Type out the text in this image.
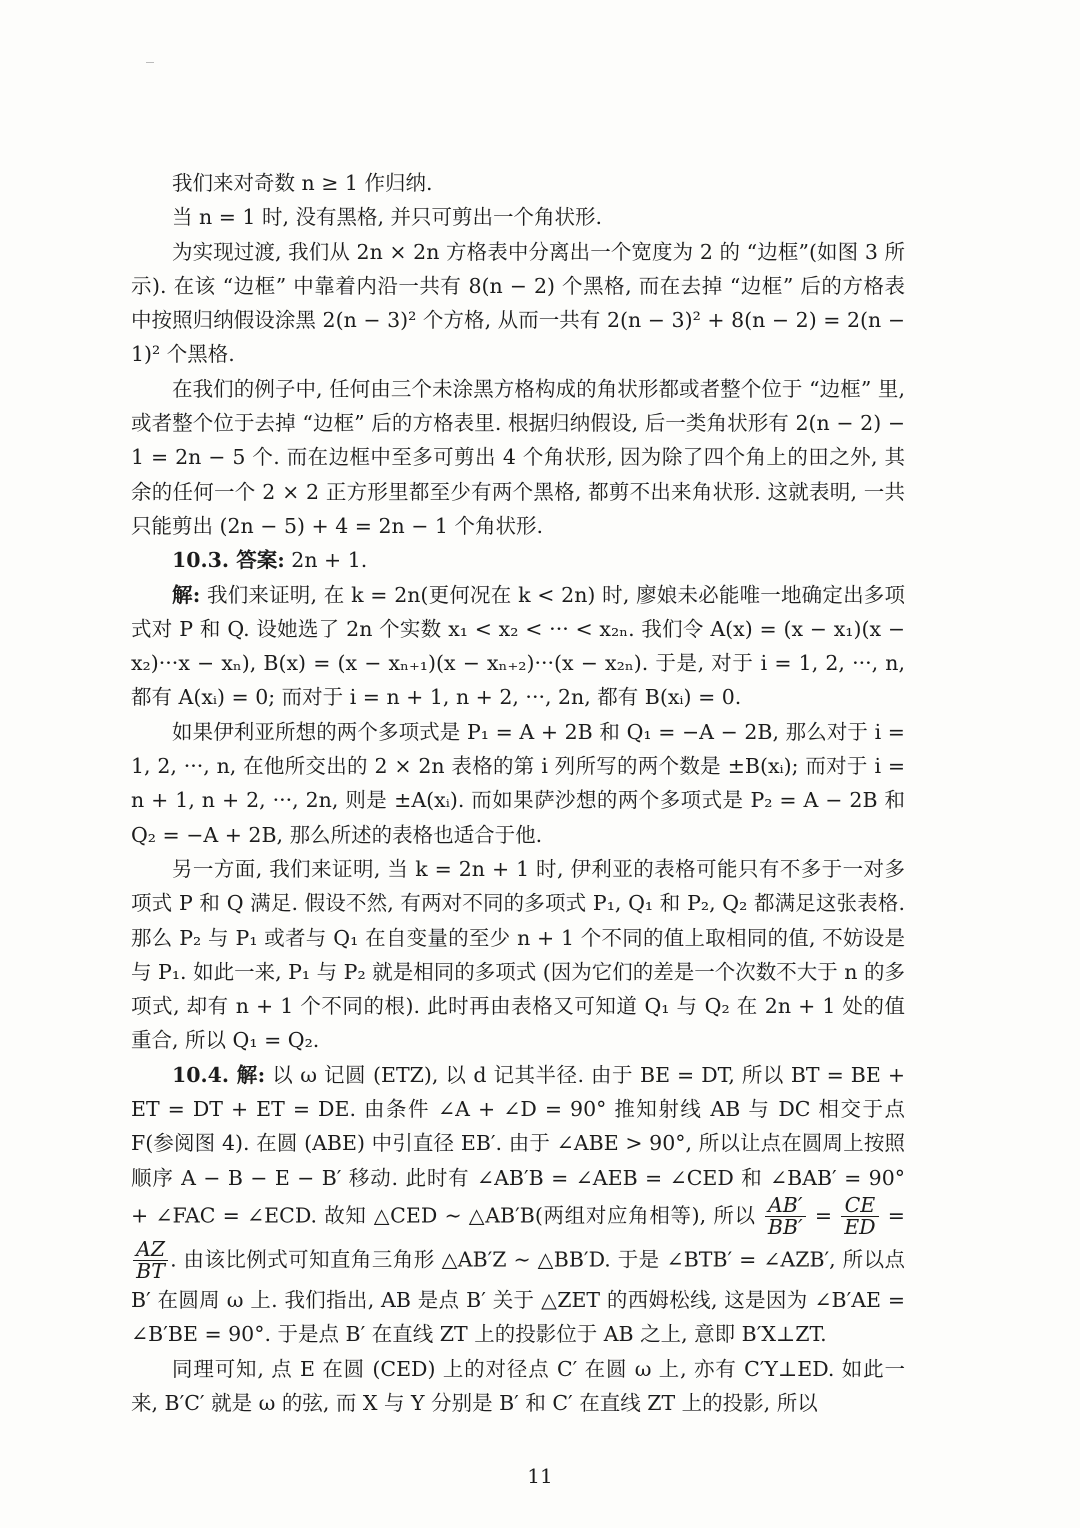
我们来对奇数 n ≥ 1 作归纳.

当 n = 1 时, 没有黑格, 并只可剪出一个角状形.

为实现过渡, 我们从 2n × 2n 方格表中分离出一个宽度为 2 的 “边框”(如图 3 所示). 在该 “边框” 中靠着内沿一共有 8(n − 2) 个黑格, 而在去掉 “边框” 后的方格表中按照归纳假设涂黑 2(n − 3)² 个方格, 从而一共有 2(n − 3)² + 8(n − 2) = 2(n − 1)² 个黑格.

在我们的例子中, 任何由三个未涂黑方格构成的角状形都或者整个位于 “边框” 里, 或者整个位于去掉 “边框” 后的方格表里. 根据归纳假设, 后一类角状形有 2(n − 2) − 1 = 2n − 5 个. 而在边框中至多可剪出 4 个角状形, 因为除了四个角上的田之外, 其余的任何一个 2 × 2 正方形里都至少有两个黑格, 都剪不出来角状形. 这就表明, 一共只能剪出 (2n − 5) + 4 = 2n − 1 个角状形.

10.3. 答案: 2n + 1.

解: 我们来证明, 在 k = 2n(更何况在 k < 2n) 时, 廖娘未必能唯一地确定出多项式对 P 和 Q. 设她选了 2n 个实数 x₁ < x₂ < ··· < x₂ₙ. 我们令 A(x) = (x − x₁)(x − x₂)···x − xₙ), B(x) = (x − xₙ₊₁)(x − xₙ₊₂)···(x − x₂ₙ). 于是, 对于 i = 1, 2, ···, n, 都有 A(xᵢ) = 0; 而对于 i = n + 1, n + 2, ···, 2n, 都有 B(xᵢ) = 0.

如果伊利亚所想的两个多项式是 P₁ = A + 2B 和 Q₁ = −A − 2B, 那么对于 i = 1, 2, ···, n, 在他所交出的 2 × 2n 表格的第 i 列所写的两个数是 ±B(xᵢ); 而对于 i = n + 1, n + 2, ···, 2n, 则是 ±A(xᵢ). 而如果萨沙想的两个多项式是 P₂ = A − 2B 和 Q₂ = −A + 2B, 那么所述的表格也适合于他.

另一方面, 我们来证明, 当 k = 2n + 1 时, 伊利亚的表格可能只有不多于一对多项式 P 和 Q 满足. 假设不然, 有两对不同的多项式 P₁, Q₁ 和 P₂, Q₂ 都满足这张表格. 那么 P₂ 与 P₁ 或者与 Q₁ 在自变量的至少 n + 1 个不同的值上取相同的值, 不妨设是与 P₁. 如此一来, P₁ 与 P₂ 就是相同的多项式 (因为它们的差是一个次数不大于 n 的多项式, 却有 n + 1 个不同的根). 此时再由表格又可知道 Q₁ 与 Q₂ 在 2n + 1 处的值重合, 所以 Q₁ = Q₂.

10.4. 解: 以 ω 记圆 (ETZ), 以 d 记其半径. 由于 BE = DT, 所以 BT = BE + ET = DT + ET = DE. 由条件 ∠A + ∠D = 90° 推知射线 AB 与 DC 相交于点 F(参阅图 4). 在圆 (ABE) 中引直径 EB′. 由于 ∠ABE > 90°, 所以让点在圆周上按照顺序 A − B − E − B′ 移动. 此时有 ∠AB′B = ∠AEB = ∠CED 和 ∠BAB′ = 90° + ∠FAC = ∠ECD. 故知 △CED ∼ △AB′B(两组对应角相等), 所以 $\frac{AB'}{BB'} = \frac{CE}{ED}$ =
$\frac{AZ}{BT}$ . 由该比例式可知直角三角形 △AB′Z ∼ △BB′D. 于是 ∠BTB′ = ∠AZB′, 所以点 B′ 在圆周 ω 上. 我们指出, AB 是点 B′ 关于 △ZET 的西姆松线, 这是因为 ∠B′AE = ∠B′BE = 90°. 于是点 B′ 在直线 ZT 上的投影位于 AB 之上, 意即 B′X⊥ZT.

同理可知, 点 E 在圆 (CED) 上的对径点 C′ 在圆 ω 上, 亦有 C′Y⊥ED. 如此一来, B′C′ 就是 ω 的弦, 而 X 与 Y 分别是 B′ 和 C′ 在直线 ZT 上的投影, 所以

11
